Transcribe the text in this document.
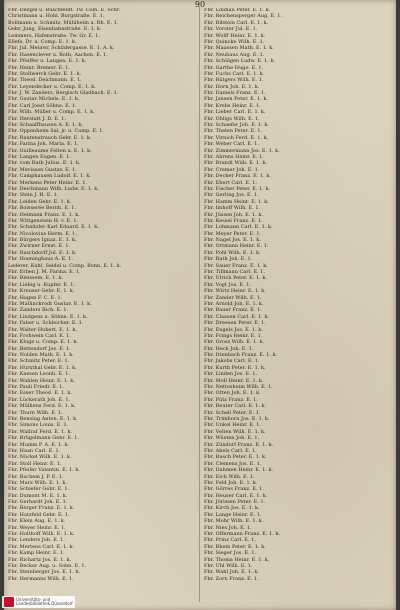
90

Fbr. Dengel u. Buschfeldt. Tw. Cöln. E. Schr.

Christmann u. Hohl. Burgstraße. E. 1.

Bollmann u. Schmitz, Mühlheim a. Rh. E. 1.

Gebr. Jung, Eisenbahnstraße. E. 1. k.

Lemmers, Hafenstraße. Tw. Gr. E. 1.

Ellefs, Dr. u. Comp. E. 1. k.

Fbr. Jul. Meurer, Schildergasse. E. 1. A. k.

Fbr. Hasenclever u. Roth, Aachen. E. 1.

Fbr. Pfeiffer u. Langen. E. 1. k.

Fbr. Heinr. Bremer. E. 1.

Fbr. Stollwerck Gebr. E. 1. k.

Fbr. Theod. Deichmann. E. 1.

Fbr. Leyendecker u. Comp. E. 1. k.

Fbr. J. W. Zanders, Bergisch Gladbach. E. 1.

Fbr. Gustav Michels. E. 1. k.

Fbr. Carl Joest Söhne. E. 1.

Fbr. Wilh. Müller u. Comp. E. 1. k.

Fbr. Herstatt J. D. E. 1.

Fbr. Schaaffhausen A. E. 1. k.

Fbr. Oppenheim Sal. jr. u. Comp. E. 1.

Fbr. Rautenstrauch Gebr. E. 1. k.

Fbr. Farina Joh. Maria. E. 1.

Fbr. Guilleaume Felten u. E. 1. k.

Fbr. Langen Eugen. E. 1.

Fbr. vom Rath Julius. E. 1. k.

Fbr. Mevissen Gustav. E. 1.

Fbr. Camphausen Ludolf. E. 1. k.

Fbr. Merkens Peter Heinr. E. 1.

Fbr. Deichmann Wilh. Ludw. E. 1. k.

Fbr. Stein J. H. E. 1.

Fbr. Leiden Gebr. E. 1. k.

Fbr. Boisserée Bernh. E. 1.

Fbr. Heimann Franz. E. 1. k.

Fbr. Wittgenstein H. v. E. 1.

Fbr. Schnitzler Karl Eduard. E. 1. k.

Fbr. Nicolovius Herm. E. 1.

Fbr. Bürgers Ignaz. E. 1. k.

Fbr. Zwirner Ernst. E. 1.

Fbr. Raschdorff Jul. E. 1. k.

Fbr. Hoeninghaus A. E. 1.

Lederer, Kuhl, Seidel u. Comp. Bonn. E. 1. k.

Fbr. Erben J. M. Farina. E. 1.

Fbr. Bleissem. E. 1. k.

Fbr. Liebig u. Kupfer. E. 1.

Fbr. Kreuser Gebr. E. 1. k.

Fbr. Hagen F. C. E. 1.

Fbr. Mallinckrodt Gustav. E. 1. k.

Fbr. Zanders Rich. E. 1.

Fbr. Lindgens u. Söhne. E. 1. k.

Fbr. Faber u. Schleicher. E. 1.

Fbr. Walter Hubert. E. 1. k.

Fbr. Frohwein Carl. E. 1.

Fbr. Kluge u. Comp. E. 1. k.

Fbr. Bettendorf Jos. E. 1.

Fbr. Nolden Math. E. 1. k.

Fbr. Schmitz Peter. E. 1.

Fbr. Hürxthal Gebr. E. 1. k.

Fbr. Kaesen Leonh. E. 1.

Fbr. Wahlen Heinr. E. 1. k.

Fbr. Pauli Friedr. E. 1.

Fbr. Esser Theod. E. 1. k.

Fbr. Lückerath Joh. E. 1.

Fbr. Mülhens Ferd. E. 1. k.

Fbr. Thurn Wilh. E. 1.

Fbr. Rensing Anton. E. 1. k.

Fbr. Simons Louis. E. 1.

Fbr. Wallraf Ferd. E. 1. k.

Fbr. Brügelmann Gebr. E. 1.

Fbr. Mumm P. A. E. 1. k.

Fbr. Haan Carl. E. 1.

Fbr. Nückel Wilh. E. 1. k.

Fbr. Stoll Heinr. E. 1.

Fbr. Pfeifer Valentin. E. 1. k.

Fbr. Bachem J. P. E. 1.

Fbr. Marx Wilh. E. 1. k.

Fbr. Schiefer Gebr. E. 1.

Fbr. Dumont M. E. 1. k.

Fbr. Gerhardt Joh. E. 1.

Fbr. Berger Franz. E. 1. k.

Fbr. Hatzfeld Gebr. E. 1.

Fbr. Klein Aug. E. 1. k.

Fbr. Weyer Heinr. E. 1.

Fbr. Holthoff Wilh. E. 1. k.

Fbr. Lenders Joh. E. 1.

Fbr. Mertens Carl. E. 1. k.

Fbr. Kamp Heinr. E. 1.

Fbr. Richartz Jos. E. 1. k.

Fbr. Becker Aug. u. Sohn. E. 1.

Fbr. Steinberger Jos. E. 1. k.

Fbr. Hermanns Wilh. E. 1.

Fbr. Lindlau Peter. E. 1. k.

Fbr. Reichensperger Aug. E. 1.

Fbr. Bilstein Carl. E. 1. k.

Fbr. Vorster Jul. E. 1.

Fbr. Wolff Heinr. E. 1. k.

Fbr. Quincke Wilh. E. 1.

Fbr. Maassen Math. E. 1. k.

Fbr. Neuhaus Aug. E. 1.

Fbr. Schülgen Ludw. E. 1. k.

Fbr. Garthe Hugo. E. 1.

Fbr. Fuchs Carl. E. 1. k.

Fbr. Rütgers Wilh. E. 1.

Fbr. Horn Joh. E. 1. k.

Fbr. Daniels Franz. E. 1.

Fbr. Jansen Peter. E. 1. k.

Fbr. Krebs Heinr. E. 1.

Fbr. Lieber Carl. E. 1. k.

Fbr. Ohligs Wilh. E. 1.

Fbr. Schaefer Joh. E. 1. k.

Fbr. Thelen Peter. E. 1.

Fbr. Virnich Ferd. E. 1. k.

Fbr. Weber Carl. E. 1.

Fbr. Zimmermann Jos. E. 1. k.

Fbr. Ahrens Heinr. E. 1.

Fbr. Brandt Wilh. E. 1. k.

Fbr. Cremer Joh. E. 1.

Fbr. Decker Franz. E. 1. k.

Fbr. Ebert Carl. E. 1.

Fbr. Fischer Peter. E. 1. k.

Fbr. Gerling Jos. E. 1.

Fbr. Hamm Heinr. E. 1. k.

Fbr. Imhoff Wilh. E. 1.

Fbr. Jüssen Joh. E. 1. k.

Fbr. Kessel Franz. E. 1.

Fbr. Lohmann Carl. E. 1. k.

Fbr. Meyer Peter. E. 1.

Fbr. Nagel Jos. E. 1. k.

Fbr. Ortmann Heinr. E. 1.

Fbr. Pohl Wilh. E. 1. k.

Fbr. Rath Joh. E. 1.

Fbr. Sauer Franz. E. 1. k.

Fbr. Tillmann Carl. E. 1.

Fbr. Ulrich Peter. E. 1. k.

Fbr. Vogt Jos. E. 1.

Fbr. Wirtz Heinr. E. 1. k.

Fbr. Zander Wilh. E. 1.

Fbr. Arnold Joh. E. 1. k.

Fbr. Bauer Franz. E. 1.

Fbr. Claasen Carl. E. 1. k.

Fbr. Dreesen Peter. E. 1.

Fbr. Engels Jos. E. 1. k.

Fbr. Frings Heinr. E. 1.

Fbr. Gross Wilh. E. 1. k.

Fbr. Heck Joh. E. 1.

Fbr. Ittenbach Franz. E. 1. k.

Fbr. Jakobs Carl. E. 1.

Fbr. Kurth Peter. E. 1. k.

Fbr. Linden Jos. E. 1.

Fbr. Moll Heinr. E. 1. k.

Fbr. Nettesheim Wilh. E. 1.

Fbr. Otten Joh. E. 1. k.

Fbr. Pütz Franz. E. 1.

Fbr. Reuter Carl. E. 1. k.

Fbr. Schell Peter. E. 1.

Fbr. Trimborn Jos. E. 1. k.

Fbr. Unkel Heinr. E. 1.

Fbr. Velten Wilh. E. 1. k.

Fbr. Wüsten Joh. E. 1.

Fbr. Zündorf Franz. E. 1. k.

Fbr. Abels Carl. E. 1.

Fbr. Busch Peter. E. 1. k.

Fbr. Clemens Jos. E. 1.

Fbr. Dahmen Heinr. E. 1. k.

Fbr. Eich Wilh. E. 1.

Fbr. Feld Joh. E. 1. k.

Fbr. Görres Franz. E. 1.

Fbr. Heuser Carl. E. 1. k.

Fbr. Jörissen Peter. E. 1.

Fbr. Kirch Jos. E. 1. k.

Fbr. Lange Heinr. E. 1.

Fbr. Mohr Wilh. E. 1. k.

Fbr. Nies Joh. E. 1.

Fbr. Offermann Franz. E. 1. k.

Fbr. Prinz Carl. E. 1.

Fbr. Rhein Peter. E. 1. k.

Fbr. Sieger Jos. E. 1.

Fbr. Thoma Heinr. E. 1. k.

Fbr. Uhl Wilh. E. 1.

Fbr. Wahl Joh. E. 1. k.

Fbr. Zorn Franz. E. 1.

Universitäts- und
Landesbibliothek Düsseldorf
